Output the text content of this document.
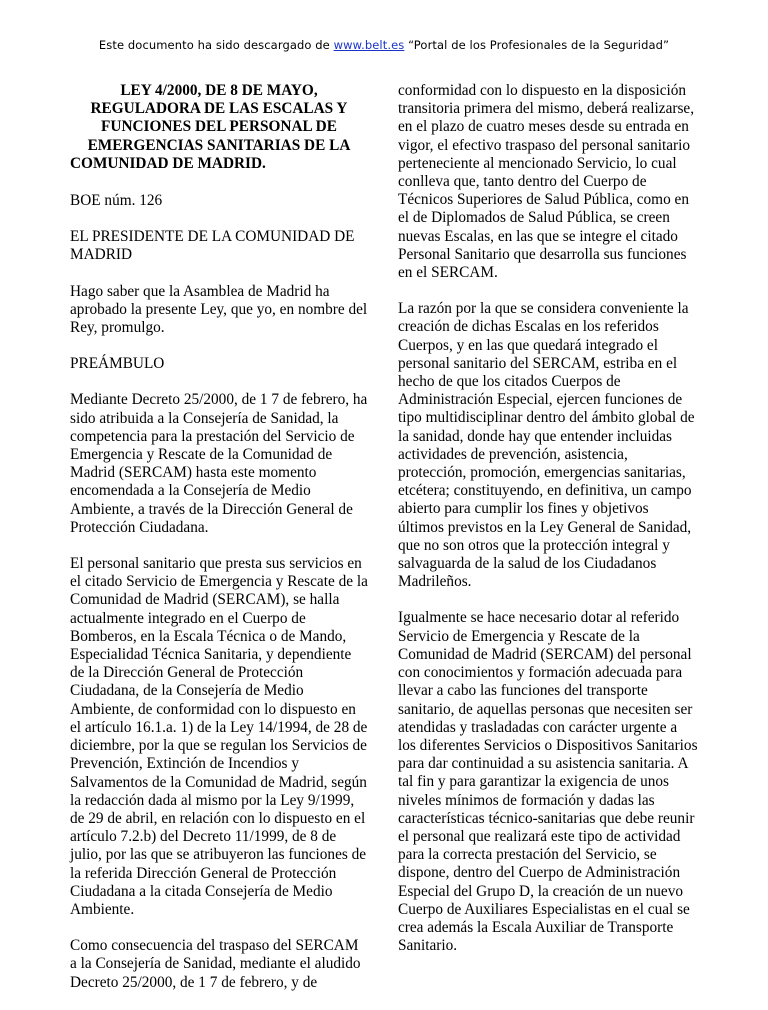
Este documento ha sido descargado de www.belt.es “Portal de los Profesionales de la Seguridad”
LEY 4/2000, DE 8 DE MAYO,
REGULADORA DE LAS ESCALAS Y
FUNCIONES DEL PERSONAL DE
EMERGENCIAS SANITARIAS DE LA

COMUNIDAD DE MADRID.

BOE núm. 126

EL PRESIDENTE DE LA COMUNIDAD DE MADRID

Hago saber que la Asamblea de Madrid ha aprobado la presente Ley, que yo, en nombre del Rey, promulgo.

PREÁMBULO

Mediante Decreto 25/2000, de 1 7 de febrero, ha sido atribuida a la Consejería de Sanidad, la competencia para la prestación del Servicio de Emergencia y Rescate de la Comunidad de Madrid (SERCAM) hasta este momento encomendada a la Consejería de Medio Ambiente, a través de la Dirección General de Protección Ciudadana.

El personal sanitario que presta sus servicios en el citado Servicio de Emergencia y Rescate de la Comunidad de Madrid (SERCAM), se halla actualmente integrado en el Cuerpo de Bomberos, en la Escala Técnica o de Mando, Especialidad Técnica Sanitaria, y dependiente de la Dirección General de Protección Ciudadana, de la Consejería de Medio Ambiente, de conformidad con lo dispuesto en el artículo 16.1.a. 1) de la Ley 14/1994, de 28 de diciembre, por la que se regulan los Servicios de Prevención, Extinción de Incendios y Salvamentos de la Comunidad de Madrid, según la redacción dada al mismo por la Ley 9/1999, de 29 de abril, en relación con lo dispuesto en el artículo 7.2.b) del Decreto 11/1999, de 8 de julio, por las que se atribuyeron las funciones de la referida Dirección General de Protección Ciudadana a la citada Consejería de Medio Ambiente.

Como consecuencia del traspaso del SERCAM a la Consejería de Sanidad, mediante el aludido Decreto 25/2000, de 1 7 de febrero, y de

conformidad con lo dispuesto en la disposición transitoria primera del mismo, deberá realizarse, en el plazo de cuatro meses desde su entrada en vigor, el efectivo traspaso del personal sanitario perteneciente al mencionado Servicio, lo cual conlleva que, tanto dentro del Cuerpo de Técnicos Superiores de Salud Pública, como en el de Diplomados de Salud Pública, se creen nuevas Escalas, en las que se integre el citado Personal Sanitario que desarrolla sus funciones en el SERCAM.

La razón por la que se considera conveniente la creación de dichas Escalas en los referidos Cuerpos, y en las que quedará integrado el personal sanitario del SERCAM, estriba en el hecho de que los citados Cuerpos de Administración Especial, ejercen funciones de tipo multidisciplinar dentro del ámbito global de la sanidad, donde hay que entender incluidas actividades de prevención, asistencia, protección, promoción, emergencias sanitarias, etcétera; constituyendo, en definitiva, un campo abierto para cumplir los fines y objetivos últimos previstos en la Ley General de Sanidad, que no son otros que la protección integral y salvaguarda de la salud de los Ciudadanos Madrileños.

Igualmente se hace necesario dotar al referido Servicio de Emergencia y Rescate de la Comunidad de Madrid (SERCAM) del personal con conocimientos y formación adecuada para llevar a cabo las funciones del transporte sanitario, de aquellas personas que necesiten ser atendidas y trasladadas con carácter urgente a los diferentes Servicios o Dispositivos Sanitarios para dar continuidad a su asistencia sanitaria. A tal fin y para garantizar la exigencia de unos niveles mínimos de formación y dadas las características técnico-sanitarias que debe reunir el personal que realizará este tipo de actividad para la correcta prestación del Servicio, se dispone, dentro del Cuerpo de Administración Especial del Grupo D, la creación de un nuevo Cuerpo de Auxiliares Especialistas en el cual se crea además la Escala Auxiliar de Transporte Sanitario.
